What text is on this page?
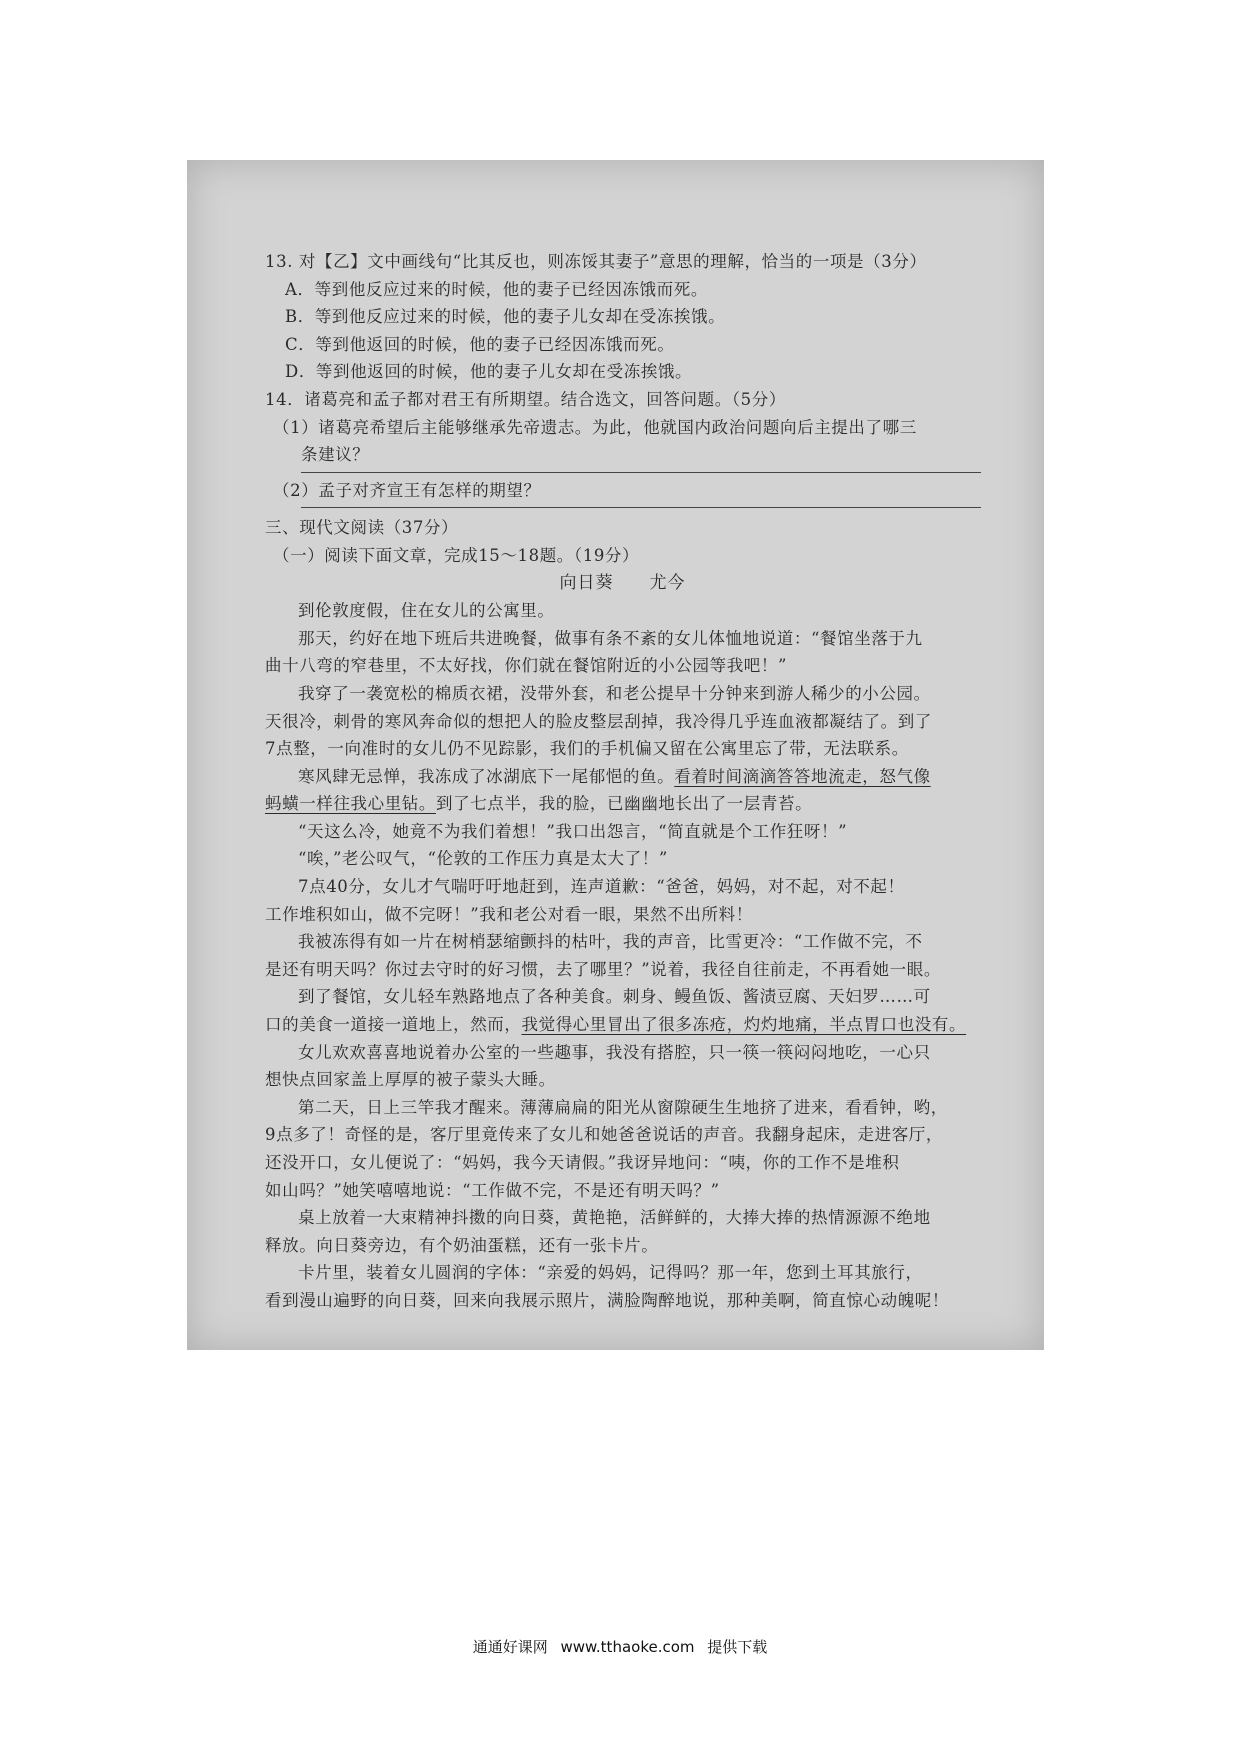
13. 对【乙】文中画线句“比其反也，则冻馁其妻子”意思的理解，恰当的一项是（3分）
A．等到他反应过来的时候，他的妻子已经因冻饿而死。
B．等到他反应过来的时候，他的妻子儿女却在受冻挨饿。
C．等到他返回的时候，他的妻子已经因冻饿而死。
D．等到他返回的时候，他的妻子儿女却在受冻挨饿。
14．诸葛亮和孟子都对君王有所期望。结合选文，回答问题。（5分）
（1）诸葛亮希望后主能够继承先帝遗志。为此，他就国内政治问题向后主提出了哪三
条建议？
（2）孟子对齐宣王有怎样的期望？
三、现代文阅读（37分）
（一）阅读下面文章，完成15～18题。（19分）
向日葵 尤今
到伦敦度假，住在女儿的公寓里。
那天，约好在地下班后共进晚餐，做事有条不紊的女儿体恤地说道：“餐馆坐落于九
曲十八弯的窄巷里，不太好找，你们就在餐馆附近的小公园等我吧！”
我穿了一袭宽松的棉质衣裙，没带外套，和老公提早十分钟来到游人稀少的小公园。
天很冷，刺骨的寒风奔命似的想把人的脸皮整层刮掉，我冷得几乎连血液都凝结了。到了
7点整，一向准时的女儿仍不见踪影，我们的手机偏又留在公寓里忘了带，无法联系。
寒风肆无忌惮，我冻成了冰湖底下一尾郁悒的鱼。看着时间滴滴答答地流走，怒气像
蚂蟥一样往我心里钻。到了七点半，我的脸，已幽幽地长出了一层青苔。
“天这么冷，她竟不为我们着想！”我口出怨言，“简直就是个工作狂呀！”
“唉，”老公叹气，“伦敦的工作压力真是太大了！”
7点40分，女儿才气喘吁吁地赶到，连声道歉：“爸爸，妈妈，对不起，对不起！
工作堆积如山，做不完呀！”我和老公对看一眼，果然不出所料！
我被冻得有如一片在树梢瑟缩颤抖的枯叶，我的声音，比雪更冷：“工作做不完，不
是还有明天吗？你过去守时的好习惯，去了哪里？”说着，我径自往前走，不再看她一眼。
到了餐馆，女儿轻车熟路地点了各种美食。刺身、鳗鱼饭、酱渍豆腐、天妇罗……可
口的美食一道接一道地上，然而，我觉得心里冒出了很多冻疮，灼灼地痛，半点胃口也没有。
女儿欢欢喜喜地说着办公室的一些趣事，我没有搭腔，只一筷一筷闷闷地吃，一心只
想快点回家盖上厚厚的被子蒙头大睡。
第二天，日上三竿我才醒来。薄薄扁扁的阳光从窗隙硬生生地挤了进来，看看钟，哟，
9点多了！奇怪的是，客厅里竟传来了女儿和她爸爸说话的声音。我翻身起床，走进客厅，
还没开口，女儿便说了：“妈妈，我今天请假。”我讶异地问：“咦，你的工作不是堆积
如山吗？”她笑嘻嘻地说：“工作做不完，不是还有明天吗？”
桌上放着一大束精神抖擞的向日葵，黄艳艳，活鲜鲜的，大捧大捧的热情源源不绝地
释放。向日葵旁边，有个奶油蛋糕，还有一张卡片。
卡片里，装着女儿圆润的字体：“亲爱的妈妈，记得吗？那一年，您到土耳其旅行，
看到漫山遍野的向日葵，回来向我展示照片，满脸陶醉地说，那种美啊，简直惊心动魄呢！
通通好课网 www.tthaoke.com 提供下载
